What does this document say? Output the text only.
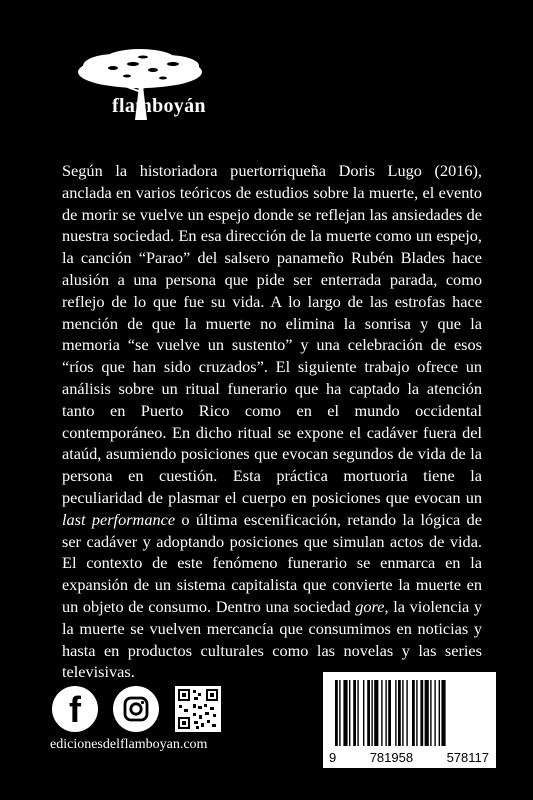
flamboyán

Según la historiadora puertorriqueña Doris Lugo (2016), anclada en varios teóricos de estudios sobre la muerte, el evento de morir se vuelve un espejo donde se reflejan las ansiedades de nuestra sociedad. En esa dirección de la muerte como un espejo, la canción “Parao” del salsero panameño Rubén Blades hace alusión a una persona que pide ser enterrada parada, como reflejo de lo que fue su vida. A lo largo de las estrofas hace mención de que la muerte no elimina la sonrisa y que la memoria “se vuelve un sustento” y una celebración de esos “ríos que han sido cruzados”. El siguiente trabajo ofrece un análisis sobre un ritual funerario que ha captado la atención tanto en Puerto Rico como en el mundo occidental contemporáneo. En dicho ritual se expone el cadáver fuera del ataúd, asumiendo posiciones que evocan segundos de vida de la persona en cuestión. Esta práctica mortuoria tiene la peculiaridad de plasmar el cuerpo en posiciones que evocan un last performance o última escenificación, retando la lógica de ser cadáver y adoptando posiciones que simulan actos de vida. El contexto de este fenómeno funerario se enmarca en la expansión de un sistema capitalista que convierte la muerte en un objeto de consumo. Dentro una sociedad gore, la violencia y la muerte se vuelven mercancía que consumimos en noticias y hasta en productos culturales como las novelas y las series televisivas.

f
edicionesdelflamboyan.com
9	781958	578117
